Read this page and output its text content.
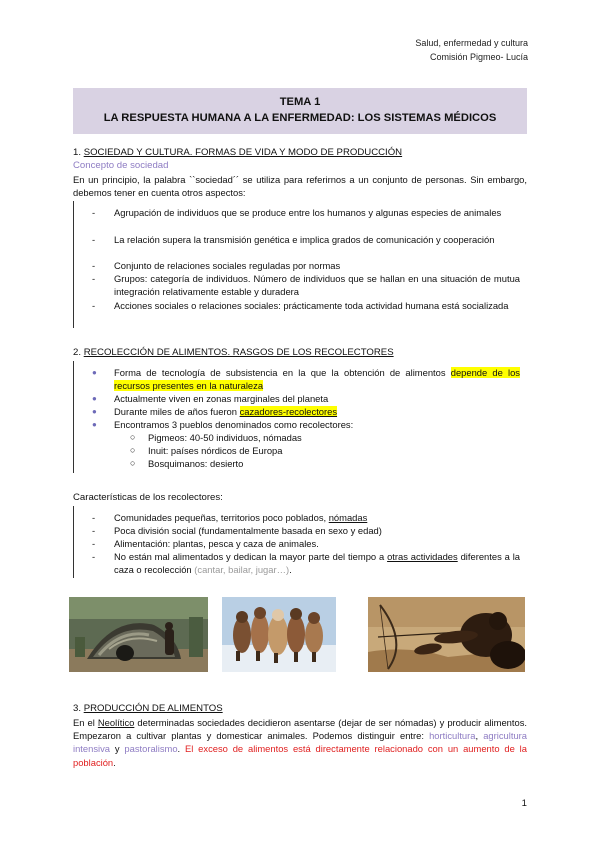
Salud, enfermedad y cultura
Comisión Pigmeo- Lucía
TEMA 1
LA RESPUESTA HUMANA A LA ENFERMEDAD: LOS SISTEMAS MÉDICOS
1. SOCIEDAD Y CULTURA. FORMAS DE VIDA Y MODO DE PRODUCCIÓN
Concepto de sociedad
En un principio, la palabra ``sociedad´´ se utiliza para referirnos a un conjunto de personas. Sin embargo, debemos tener en cuenta otros aspectos:
- Agrupación de individuos que se produce entre los humanos y algunas especies de animales
- La relación supera la transmisión genética e implica grados de comunicación y cooperación
- Conjunto de relaciones sociales reguladas por normas
- Grupos: categoría de individuos. Número de individuos que se hallan en una situación de mutua integración relativamente estable y duradera
- Acciones sociales o relaciones sociales: prácticamente toda actividad humana está socializada
2. RECOLECCIÓN DE ALIMENTOS. RASGOS DE LOS RECOLECTORES
● Forma de tecnología de subsistencia en la que la obtención de alimentos depende de los recursos presentes en la naturaleza
● Actualmente viven en zonas marginales del planeta
● Durante miles de años fueron cazadores-recolectores
● Encontramos 3 pueblos denominados como recolectores:
○ Pigmeos: 40-50 individuos, nómadas
○ Inuit: países nórdicos de Europa
○ Bosquimanos: desierto
Características de los recolectores:
- Comunidades pequeñas, territorios poco poblados, nómadas
- Poca división social (fundamentalmente basada en sexo y edad)
- Alimentación: plantas, pesca y caza de animales.
- No están mal alimentados y dedican la mayor parte del tiempo a otras actividades diferentes a la caza o recolección (cantar, bailar, jugar…).
3. PRODUCCIÓN DE ALIMENTOS
En el Neolítico determinadas sociedades decidieron asentarse (dejar de ser nómadas) y producir alimentos. Empezaron a cultivar plantas y domesticar animales. Podemos distinguir entre: horticultura, agricultura intensiva y pastoralismo. El exceso de alimentos está directamente relacionado con un aumento de la población.
1
